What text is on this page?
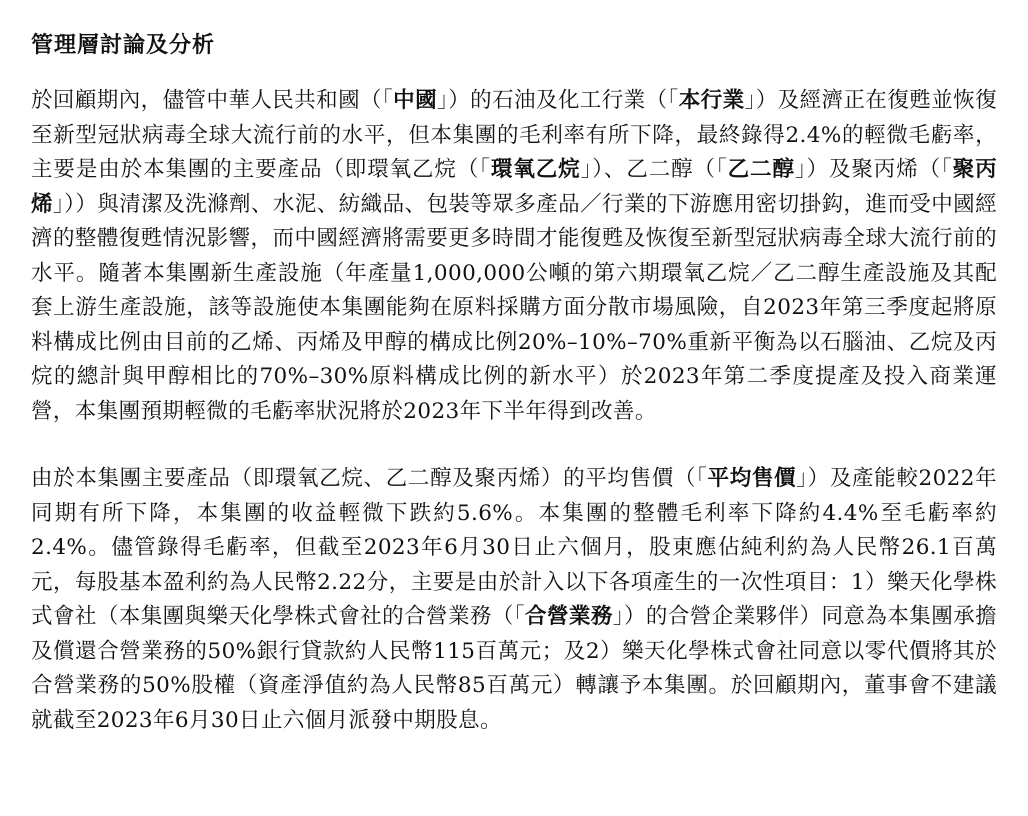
管理層討論及分析

於回顧期內，儘管中華人民共和國（「中國」）的石油及化工行業（「本行業」）及經濟正在復甦並恢復至新型冠狀病毒全球大流行前的水平，但本集團的毛利率有所下降，最終錄得2.4%的輕微毛虧率，主要是由於本集團的主要產品（即環氧乙烷（「環氧乙烷」）、乙二醇（「乙二醇」）及聚丙烯（「聚丙烯」））與清潔及洗滌劑、水泥、紡織品、包裝等眾多產品／行業的下游應用密切掛鈎，進而受中國經濟的整體復甦情況影響，而中國經濟將需要更多時間才能復甦及恢復至新型冠狀病毒全球大流行前的水平。隨著本集團新生產設施（年產量1,000,000公噸的第六期環氧乙烷／乙二醇生產設施及其配套上游生產設施，該等設施使本集團能夠在原料採購方面分散市場風險，自2023年第三季度起將原料構成比例由目前的乙烯、丙烯及甲醇的構成比例20%–10%–70%重新平衡為以石腦油、乙烷及丙烷的總計與甲醇相比的70%–30%原料構成比例的新水平）於2023年第二季度提產及投入商業運營，本集團預期輕微的毛虧率狀況將於2023年下半年得到改善。

由於本集團主要產品（即環氧乙烷、乙二醇及聚丙烯）的平均售價（「平均售價」）及產能較2022年同期有所下降，本集團的收益輕微下跌約5.6%。本集團的整體毛利率下降約4.4%至毛虧率約2.4%。儘管錄得毛虧率，但截至2023年6月30日止六個月，股東應佔純利約為人民幣26.1百萬元，每股基本盈利約為人民幣2.22分，主要是由於計入以下各項產生的一次性項目：1）樂天化學株式會社（本集團與樂天化學株式會社的合營業務（「合營業務」）的合營企業夥伴）同意為本集團承擔及償還合營業務的50%銀行貸款約人民幣115百萬元；及2）樂天化學株式會社同意以零代價將其於合營業務的50%股權（資產淨值約為人民幣85百萬元）轉讓予本集團。於回顧期內，董事會不建議就截至2023年6月30日止六個月派發中期股息。
